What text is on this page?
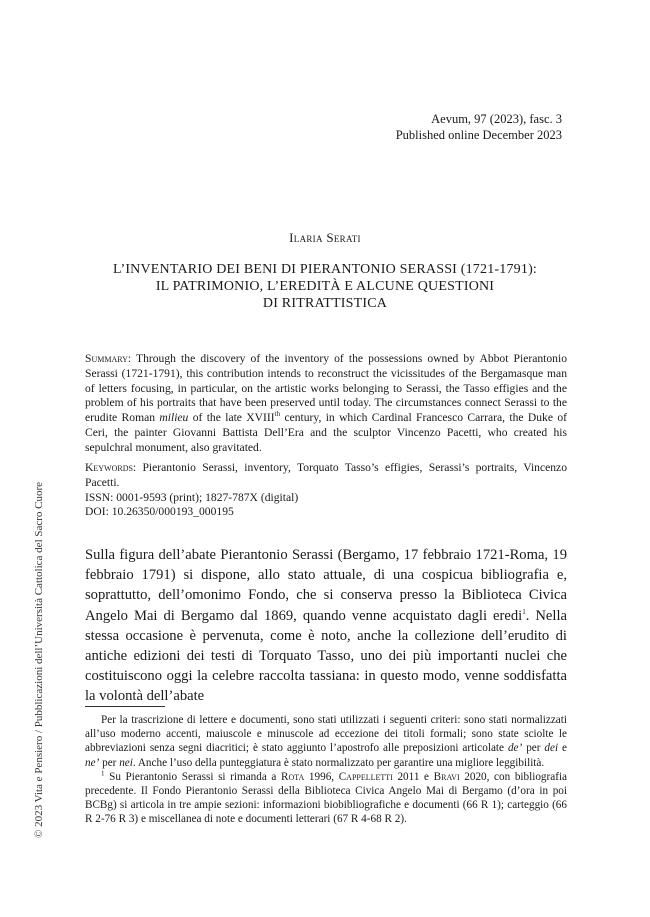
Aevum, 97 (2023), fasc. 3
Published online December 2023
Ilaria Serati
L’INVENTARIO DEI BENI DI PIERANTONIO SERASSI (1721-1791):
IL PATRIMONIO, L’EREDITÀ E ALCUNE QUESTIONI
DI RITRATTISTICA
Summary: Through the discovery of the inventory of the possessions owned by Abbot Pierantonio Serassi (1721-1791), this contribution intends to reconstruct the vicissitudes of the Bergamasque man of letters focusing, in particular, on the artistic works belonging to Serassi, the Tasso effigies and the problem of his portraits that have been preserved until today. The circumstances connect Serassi to the erudite Roman milieu of the late XVIIIth century, in which Cardinal Francesco Carrara, the Duke of Ceri, the painter Giovanni Battista Dell’Era and the sculptor Vincenzo Pacetti, who created his sepulchral monument, also gravitated.

Keywords: Pierantonio Serassi, inventory, Torquato Tasso’s effigies, Serassi’s portraits, Vincenzo Pacetti.

ISSN: 0001-9593 (print); 1827-787X (digital)

DOI: 10.26350/000193_000195

Sulla figura dell’abate Pierantonio Serassi (Bergamo, 17 febbraio 1721-Roma, 19 febbraio 1791) si dispone, allo stato attuale, di una cospicua bibliografia e, soprattutto, dell’omonimo Fondo, che si conserva presso la Biblioteca Civica Angelo Mai di Bergamo dal 1869, quando venne acquistato dagli eredi$^1$. Nella stessa occasione è pervenuta, come è noto, anche la collezione dell’erudito di antiche edizioni dei testi di Torquato Tasso, uno dei più importanti nuclei che costituiscono oggi la celebre raccolta tassiana: in questo modo, venne soddisfatta la volontà dell’abate

Per la trascrizione di lettere e documenti, sono stati utilizzati i seguenti criteri: sono stati normalizzati all’uso moderno accenti, maiuscole e minuscole ad eccezione dei titoli formali; sono state sciolte le abbreviazioni senza segni diacritici; è stato aggiunto l’apostrofo alle preposizioni articolate de’ per dei e ne’ per nei. Anche l’uso della punteggiatura è stato normalizzato per garantire una migliore leggibilità.

$^1$ Su Pierantonio Serassi si rimanda a Rota 1996, Cappelletti 2011 e Bravi 2020, con bibliografia precedente. Il Fondo Pierantonio Serassi della Biblioteca Civica Angelo Mai di Bergamo (d’ora in poi BCBg) si articola in tre ampie sezioni: informazioni biobibliografiche e documenti (66 R 1); carteggio (66 R 2-76 R 3) e miscellanea di note e documenti letterari (67 R 4-68 R 2).

© 2023 Vita e Pensiero / Pubblicazioni dell’Università Cattolica del Sacro Cuore
